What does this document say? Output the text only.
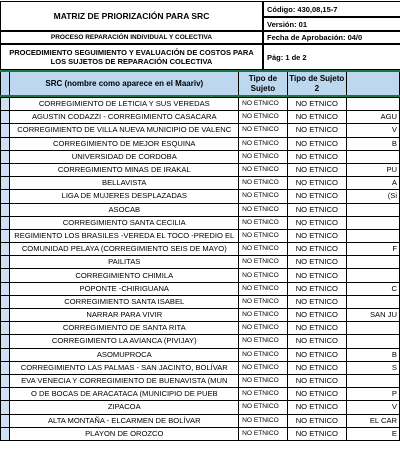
MATRIZ DE PRIORIZACIÓN PARA SRC
PROCESO REPARACIÓN INDIVIDUAL Y COLECTIVA
PROCEDIMIENTO SEGUIMIENTO Y EVALUACIÓN DE COSTOS PARA LOS SUJETOS DE REPARACIÓN COLECTIVA
Código: 430,08,15-7
Versión: 01
Fecha de Aprobación: 04/0
Pág: 1 de 2
	SRC (nombre como aparece en el Maariv)	Tipo de Sujeto	Tipo de Sujeto 2	
	CORREGIMIENTO DE LETICIA Y SUS VEREDAS	NO ETNICO	NO ETNICO	
	AGUSTIN CODAZZI - CORREGIMIENTO CASACARA	NO ETNICO	NO ETNICO	AGU
	CORREGIMIENTO DE VILLA NUEVA MUNICIPIO DE VALENC	NO ETNICO	NO ETNICO	V
	CORREGIMIENTO DE MEJOR ESQUINA	NO ETNICO	NO ETNICO	B
	UNIVERSIDAD DE CORDOBA	NO ETNICO	NO ETNICO	
	CORREGIMIENTO MINAS DE IRAKAL	NO ETNICO	NO ETNICO	PU
	BELLAVISTA	NO ETNICO	NO ETNICO	A
	LIGA DE MUJERES DESPLAZADAS	NO ETNICO	NO ETNICO	(Si
	ASOCAB	NO ETNICO	NO ETNICO	
	CORREGIMIENTO SANTA CECILIA	NO ETNICO	NO ETNICO	
	REGIMIENTO LOS BRASILES -VEREDA EL TOCO -PREDIO EL	NO ETNICO	NO ETNICO	
	COMUNIDAD PELAYA (CORREGIMIENTO SEIS DE MAYO)	NO ETNICO	NO ETNICO	F
	PAILITAS	NO ETNICO	NO ETNICO	
	CORREGIMIENTO CHIMILA	NO ETNICO	NO ETNICO	
	POPONTE -CHIRIGUANA	NO ETNICO	NO ETNICO	C
	CORREGIMIENTO SANTA ISABEL	NO ETNICO	NO ETNICO	
	NARRAR PARA VIVIR	NO ETNICO	NO ETNICO	SAN JU
	CORREGIMIENTO DE SANTA RITA	NO ETNICO	NO ETNICO	
	CORREGIMIENTO LA AVIANCA (PIVIJAY)	NO ETNICO	NO ETNICO	
	ASOMUPROCA	NO ETNICO	NO ETNICO	B
	CORREGIMIENTO LAS PALMAS - SAN JACINTO, BOLÍVAR	NO ETNICO	NO ETNICO	S
	EVA VENECIA Y CORREGIMIENTO DE BUENAVISTA (MUN	NO ETNICO	NO ETNICO	
	O DE BOCAS DE ARACATACA (MUNICIPIO DE PUEB	NO ETNICO	NO ETNICO	P
	ZIPACOA	NO ETNICO	NO ETNICO	V
	ALTA MONTAÑA - ELCARMEN DE BOLÍVAR	NO ETNICO	NO ETNICO	EL CAR
	PLAYON DE OROZCO	NO ETNICO	NO ETNICO	E
